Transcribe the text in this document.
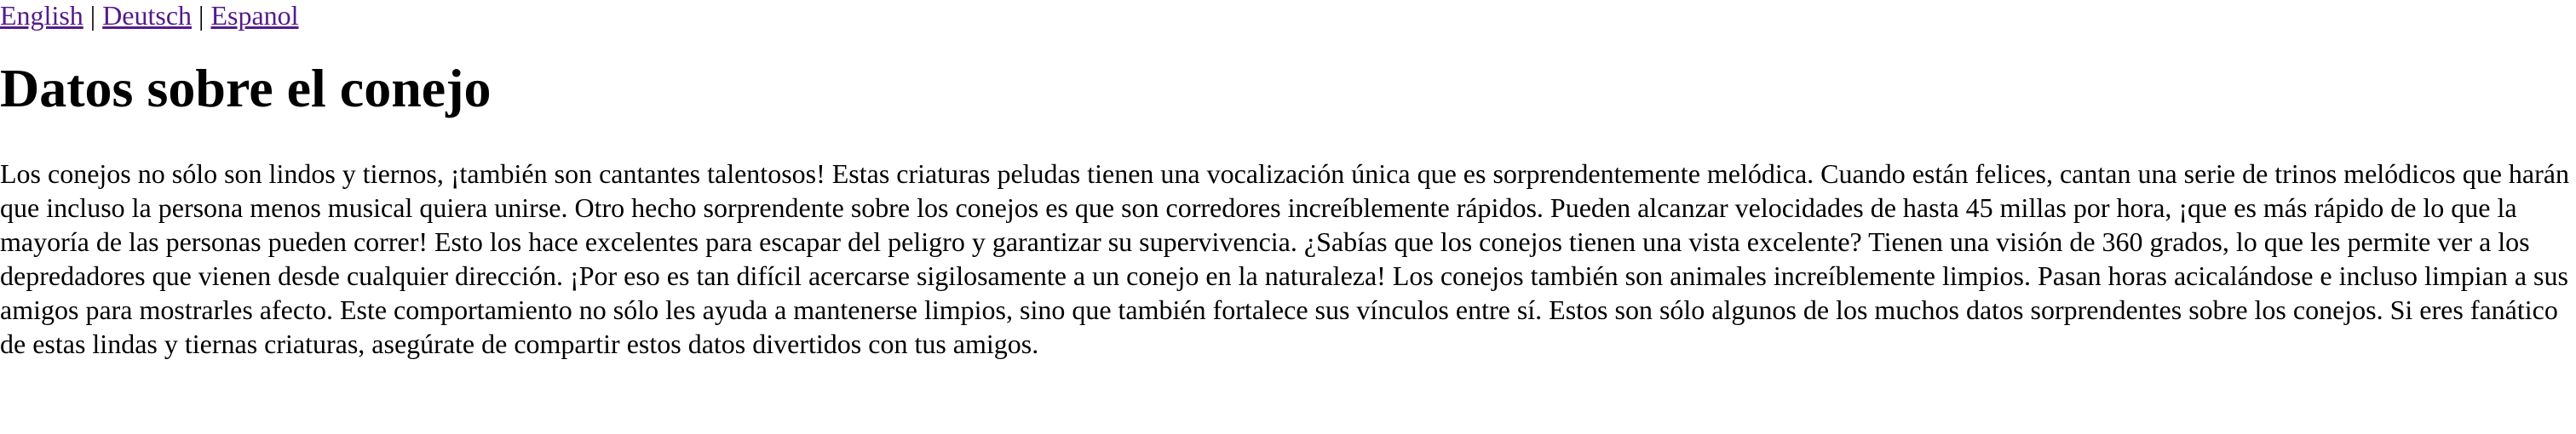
English | Deutsch | Espanol
Datos sobre el conejo

Los conejos no sólo son lindos y tiernos, ¡también son cantantes talentosos! Estas criaturas peludas tienen una vocalización única que es sorprendentemente melódica. Cuando están felices, cantan una serie de trinos melódicos que harán que incluso la persona menos musical quiera unirse. Otro hecho sorprendente sobre los conejos es que son corredores increíblemente rápidos. Pueden alcanzar velocidades de hasta 45 millas por hora, ¡que es más rápido de lo que la mayoría de las personas pueden correr! Esto los hace excelentes para escapar del peligro y garantizar su supervivencia. ¿Sabías que los conejos tienen una vista excelente? Tienen una visión de 360 grados, lo que les permite ver a los depredadores que vienen desde cualquier dirección. ¡Por eso es tan difícil acercarse sigilosamente a un conejo en la naturaleza! Los conejos también son animales increíblemente limpios. Pasan horas acicalándose e incluso limpian a sus amigos para mostrarles afecto. Este comportamiento no sólo les ayuda a mantenerse limpios, sino que también fortalece sus vínculos entre sí. Estos son sólo algunos de los muchos datos sorprendentes sobre los conejos. Si eres fanático de estas lindas y tiernas criaturas, asegúrate de compartir estos datos divertidos con tus amigos.
